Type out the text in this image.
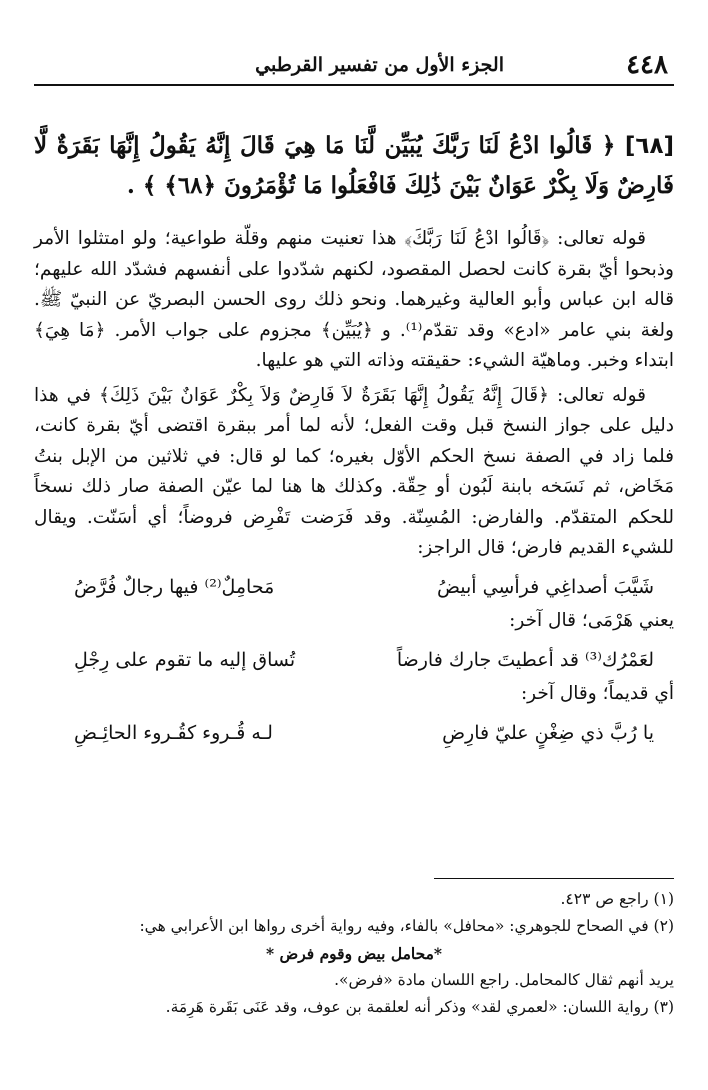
٤٤٨
الجزء الأول من تفسير القرطبي
[٦٨] ﴿ قَالُوا ادْعُ لَنَا رَبَّكَ يُبَيِّن لَّنَا مَا هِيَ قَالَ إِنَّهُ يَقُولُ إِنَّهَا بَقَرَةٌ لَّا فَارِضٌ وَلَا بِكْرٌ عَوَانٌ بَيْنَ ذَٰلِكَ فَافْعَلُوا مَا تُؤْمَرُونَ ﴿٦٨﴾ ﴾ .

قوله تعالى: ﴿قَالُوا ادْعُ لَنَا رَبَّكَ﴾ هذا تعنيت منهم وقلّة طواعية؛ ولو امتثلوا الأمر وذبحوا أيّ بقرة كانت لحصل المقصود، لكنهم شدّدوا على أنفسهم فشدّد الله عليهم؛ قاله ابن عباس وأبو العالية وغيرهما. ونحو ذلك روى الحسن البصريّ عن النبيّ ﷺ. ولغة بني عامر «ادع» وقد تقدّم⁽¹⁾. و ﴿يُبَيِّن﴾ مجزوم على جواب الأمر. ﴿مَا هِيَ﴾ ابتداء وخبر. وماهيّة الشيء: حقيقته وذاته التي هو عليها.

قوله تعالى: ﴿قَالَ إِنَّهُ يَقُولُ إِنَّهَا بَقَرَةٌ لاَ فَارِضٌ وَلاَ بِكْرٌ عَوَانٌ بَيْنَ ذَلِكَ﴾ في هذا دليل على جواز النسخ قبل وقت الفعل؛ لأنه لما أمر ببقرة اقتضى أيّ بقرة كانت، فلما زاد في الصفة نسخ الحكم الأوّل بغيره؛ كما لو قال: في ثلاثين من الإبل بنتُ مَخَاض، ثم نَسَخه بابنة لَبُون أو حِقّة. وكذلك ها هنا لما عيّن الصفة صار ذلك نسخاً للحكم المتقدّم. والفارض: المُسِنّة. وقد فَرَضت تَفْرِض فروضاً؛ أي أسَنّت. ويقال للشيء القديم فارض؛ قال الراجز:

شَيَّبَ أصداغِي فرأسِي أبيضُ
مَحامِلٌ⁽²⁾ فيها رجالٌ فُرَّضُ

يعني هَرْمَى؛ قال آخر:

لعَمْرُك⁽³⁾ قد أعطيتَ جارك فارضاً
تُساق إليه ما تقوم على رِجْلِ

أي قديماً؛ وقال آخر:

يا رُبَّ ذي ضِغْنٍ عليّ فارِضِ
لـه قُـروء كقُـروء الحائِـضِ
(١) راجع ص ٤٢٣.
(٢) في الصحاح للجوهري: «محافل» بالفاء، وفيه رواية أخرى رواها ابن الأعرابي هي:
*محامل بيض وقوم فرض *
يريد أنهم ثقال كالمحامل. راجع اللسان مادة «فرض».
(٣) رواية اللسان: «لعمري لقد» وذكر أنه لعلقمة بن عوف، وقد عَنَى بَقَرة هَرِمَة.
